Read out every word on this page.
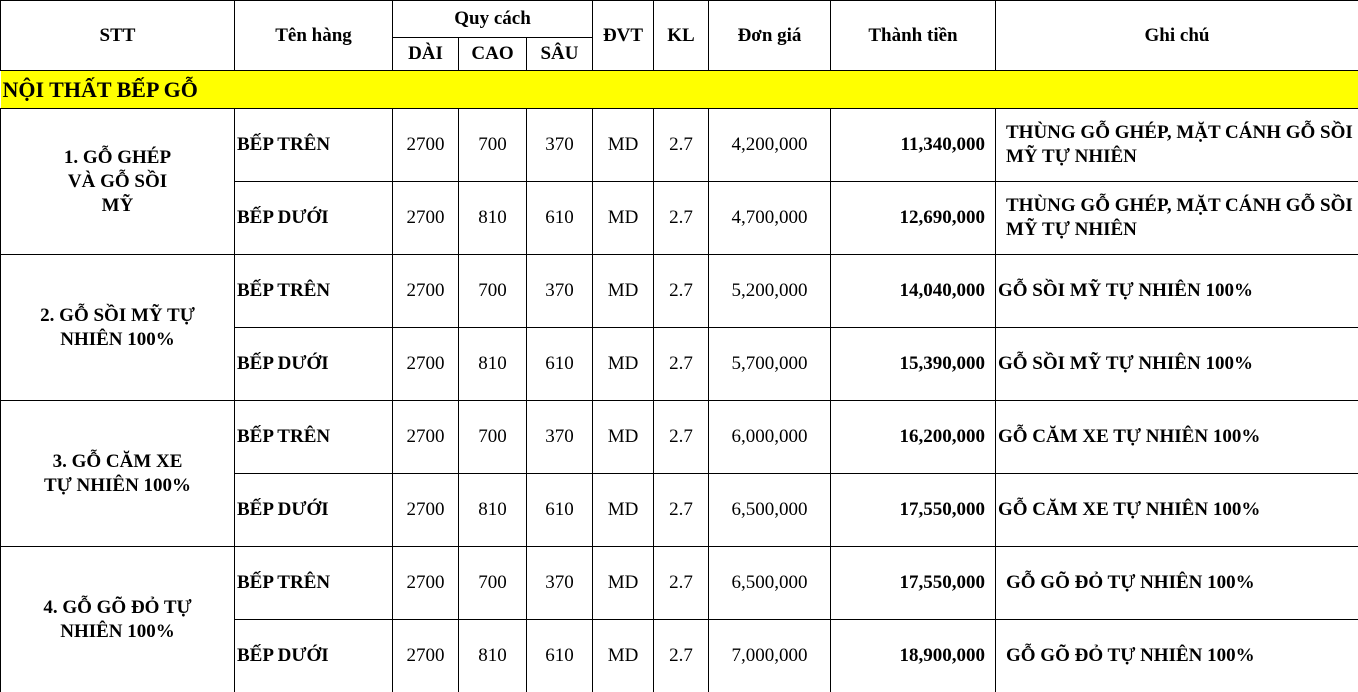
STT	Tên hàng	Quy cách			ĐVT	KL	Đơn giá	Thành tiền	Ghi chú
		DÀI	CAO	SÂU					
NỘI THẤT BẾP GỖ									
1. GỖ GHÉP VÀ GỖ SỒI MỸ	BẾP TRÊN	2700	700	370	MD	2.7	4,200,000	11,340,000	THÙNG GỖ GHÉP, MẶT CÁNH GỖ SỒI MỸ TỰ NHIÊN
	BẾP DƯỚI	2700	810	610	MD	2.7	4,700,000	12,690,000	THÙNG GỖ GHÉP, MẶT CÁNH GỖ SỒI MỸ TỰ NHIÊN
2. GỖ SỒI MỸ TỰ NHIÊN 100%	BẾP TRÊN	2700	700	370	MD	2.7	5,200,000	14,040,000	GỖ SỒI MỸ TỰ NHIÊN 100%
	BẾP DƯỚI	2700	810	610	MD	2.7	5,700,000	15,390,000	GỖ SỒI MỸ TỰ NHIÊN 100%
3. GỖ CĂM XE TỰ NHIÊN 100%	BẾP TRÊN	2700	700	370	MD	2.7	6,000,000	16,200,000	GỖ CĂM XE TỰ NHIÊN 100%
	BẾP DƯỚI	2700	810	610	MD	2.7	6,500,000	17,550,000	GỖ CĂM XE TỰ NHIÊN 100%
4. GỖ GÕ ĐỎ TỰ NHIÊN 100%	BẾP TRÊN	2700	700	370	MD	2.7	6,500,000	17,550,000	GỖ GÕ ĐỎ TỰ NHIÊN 100%
	BẾP DƯỚI	2700	810	610	MD	2.7	7,000,000	18,900,000	GỖ GÕ ĐỎ TỰ NHIÊN 100%
